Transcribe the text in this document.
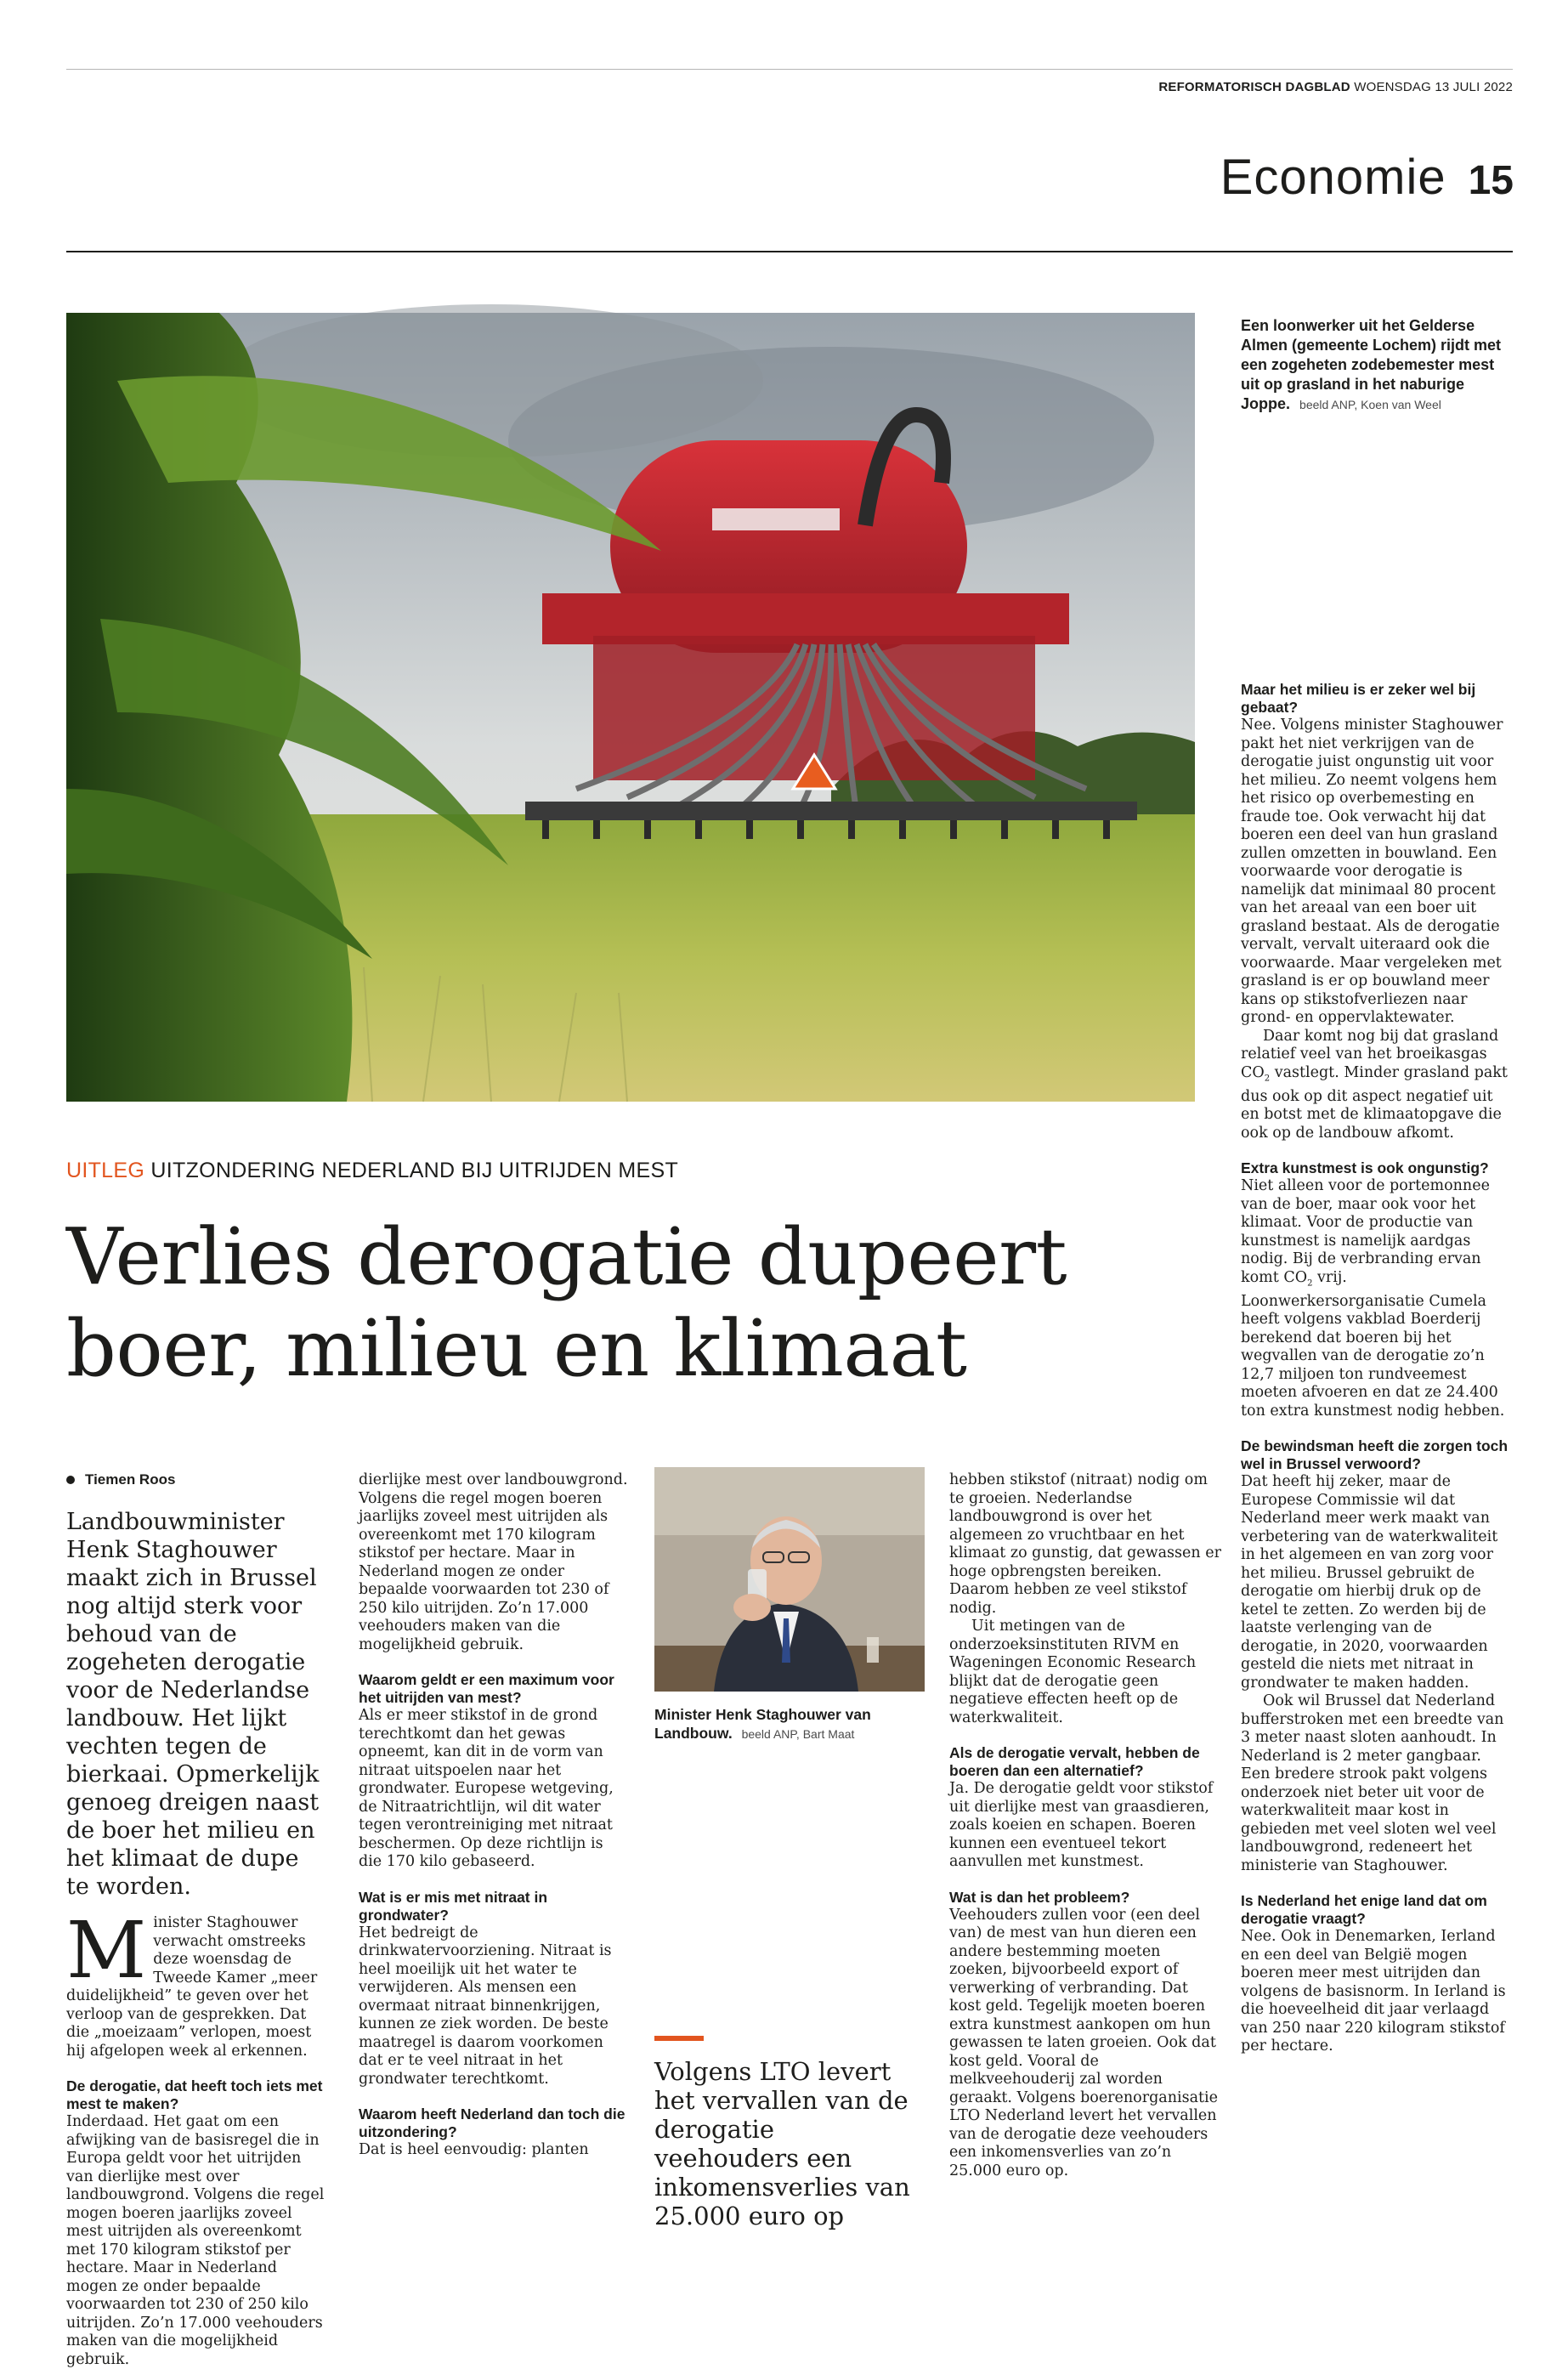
REFORMATORISCH DAGBLAD WOENSDAG 13 JULI 2022
Economie 15
Een loonwerker uit het Gelderse Almen (gemeente Lochem) rijdt met een zogeheten zodebemester mest uit op grasland in het naburige Joppe. beeld ANP, Koen van Weel
UITLEG UITZONDERING NEDERLAND BIJ UITRIJDEN MEST
Verlies derogatie dupeert
boer, milieu en klimaat
Tiemen Roos
Landbouwminister Henk Staghouwer maakt zich in Brussel nog altijd sterk voor behoud van de zogeheten derogatie voor de Nederlandse landbouw. Het lijkt vechten tegen de bierkaai. Opmerkelijk genoeg dreigen naast de boer het milieu en het klimaat de dupe te worden.

Minister Staghouwer verwacht omstreeks deze woensdag de Tweede Kamer „meer duidelijkheid” te geven over het verloop van de gesprekken. Dat die „moeizaam” verlopen, moest hij afgelopen week al erkennen.

De derogatie, dat heeft toch iets met mest te maken?

Inderdaad. Het gaat om een afwijking van de basisregel die in Europa geldt voor het uitrijden van dierlijke mest over landbouwgrond. Volgens die regel mogen boeren jaarlijks zoveel mest uitrijden als overeenkomt met 170 kilogram stikstof per hectare. Maar in Nederland mogen ze onder bepaalde voorwaarden tot 230 of 250 kilo uitrijden. Zo’n 17.000 veehouders maken van die mogelijkheid gebruik.

dierlijke mest over landbouwgrond. Volgens die regel mogen boeren jaarlijks zoveel mest uitrijden als overeenkomt met 170 kilogram stikstof per hectare. Maar in Nederland mogen ze onder bepaalde voorwaarden tot 230 of 250 kilo uitrijden. Zo’n 17.000 veehouders maken van die mogelijkheid gebruik.

Waarom geldt er een maximum voor het uitrijden van mest?

Als er meer stikstof in de grond terechtkomt dan het gewas opneemt, kan dit in de vorm van nitraat uitspoelen naar het grondwater. Europese wetgeving, de Nitraatrichtlijn, wil dit water tegen verontreiniging met nitraat beschermen. Op deze richtlijn is die 170 kilo gebaseerd.

Wat is er mis met nitraat in grondwater?

Het bedreigt de drinkwatervoorziening. Nitraat is heel moeilijk uit het water te verwijderen. Als mensen een overmaat nitraat binnenkrijgen, kunnen ze ziek worden. De beste maatregel is daarom voorkomen dat er te veel nitraat in het grondwater terechtkomt.

Waarom heeft Nederland dan toch die uitzondering?

Dat is heel eenvoudig: planten

Minister Henk Staghouwer van Landbouw. beeld ANP, Bart Maat
Volgens LTO levert het vervallen van de derogatie veehouders een inkomensverlies van 25.000 euro op

hebben stikstof (nitraat) nodig om te groeien. Nederlandse landbouwgrond is over het algemeen zo vruchtbaar en het klimaat zo gunstig, dat gewassen er hoge opbrengsten bereiken. Daarom hebben ze veel stikstof nodig.

Uit metingen van de onderzoeksinstituten RIVM en Wageningen Economic Research blijkt dat de derogatie geen negatieve effecten heeft op de waterkwaliteit.

Als de derogatie vervalt, hebben de boeren dan een alternatief?

Ja. De derogatie geldt voor stikstof uit dierlijke mest van graasdieren, zoals koeien en schapen. Boeren kunnen een eventueel tekort aanvullen met kunstmest.

Wat is dan het probleem?

Veehouders zullen voor (een deel van) de mest van hun dieren een andere bestemming moeten zoeken, bijvoorbeeld export of verwerking of verbranding. Dat kost geld. Tegelijk moeten boeren extra kunstmest aankopen om hun gewassen te laten groeien. Ook dat kost geld. Vooral de melkveehouderij zal worden geraakt. Volgens boerenorganisatie LTO Nederland levert het vervallen van de derogatie deze veehouders een inkomensverlies van zo’n 25.000 euro op.

Maar het milieu is er zeker wel bij gebaat?

Nee. Volgens minister Staghouwer pakt het niet verkrijgen van de derogatie juist ongunstig uit voor het milieu. Zo neemt volgens hem het risico op overbemesting en fraude toe. Ook verwacht hij dat boeren een deel van hun grasland zullen omzetten in bouwland. Een voorwaarde voor derogatie is namelijk dat minimaal 80 procent van het areaal van een boer uit grasland bestaat. Als de derogatie vervalt, vervalt uiteraard ook die voorwaarde. Maar vergeleken met grasland is er op bouwland meer kans op stikstofverliezen naar grond- en oppervlaktewater.

Daar komt nog bij dat grasland relatief veel van het broeikasgas $CO_2$ vastlegt. Minder grasland pakt dus ook op dit aspect negatief uit en botst met de klimaatopgave die ook op de landbouw afkomt.

Extra kunstmest is ook ongunstig?

Niet alleen voor de portemonnee van de boer, maar ook voor het klimaat. Voor de productie van kunstmest is namelijk aardgas nodig. Bij de verbranding ervan komt $CO_2$ vrij. Loonwerkersorganisatie Cumela heeft volgens vakblad Boerderij berekend dat boeren bij het wegvallen van de derogatie zo’n 12,7 miljoen ton rundveemest moeten afvoeren en dat ze 24.400 ton extra kunstmest nodig hebben.

De bewindsman heeft die zorgen toch wel in Brussel verwoord?

Dat heeft hij zeker, maar de Europese Commissie wil dat Nederland meer werk maakt van verbetering van de waterkwaliteit in het algemeen en van zorg voor het milieu. Brussel gebruikt de derogatie om hierbij druk op de ketel te zetten. Zo werden bij de laatste verlenging van de derogatie, in 2020, voorwaarden gesteld die niets met nitraat in grondwater te maken hadden.

Ook wil Brussel dat Nederland bufferstroken met een breedte van 3 meter naast sloten aanhoudt. In Nederland is 2 meter gangbaar. Een bredere strook pakt volgens onderzoek niet beter uit voor de waterkwaliteit maar kost in gebieden met veel sloten wel veel landbouwgrond, redeneert het ministerie van Staghouwer.

Is Nederland het enige land dat om derogatie vraagt?

Nee. Ook in Denemarken, Ierland en een deel van België mogen boeren meer mest uitrijden dan volgens de basisnorm. In Ierland is die hoeveelheid dit jaar verlaagd van 250 naar 220 kilogram stikstof per hectare.
